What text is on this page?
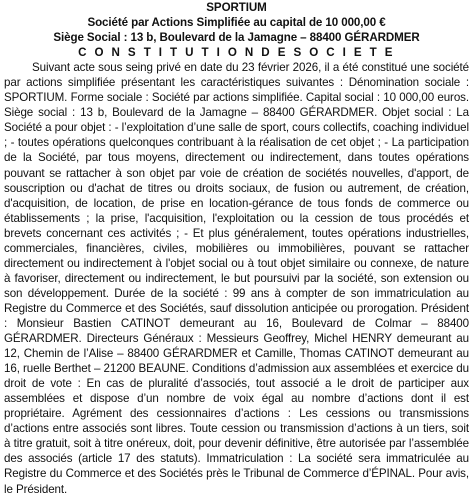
SPORTIUM

Société par Actions Simplifiée au capital de 10 000,00 €

Siège Social : 13 b, Boulevard de la Jamagne – 88400 GÉRARDMER

C O N S T I T U T I O N D E S O C I E T E

Suivant acte sous seing privé en date du 23 février 2026, il a été constitué une société par actions simplifiée présentant les caractéristiques suivantes : Dénomination sociale : SPORTIUM. Forme sociale : Société par actions simplifiée. Capital social : 10 000,00 euros. Siège social : 13 b, Boulevard de la Jamagne – 88400 GÉRARDMER. Objet social : La Société a pour objet : - l’exploitation d’une salle de sport, cours collectifs, coaching individuel ; - toutes opérations quelconques contribuant à la réalisation de cet objet ; - La participation de la Société, par tous moyens, directement ou indirectement, dans toutes opérations pouvant se rattacher à son objet par voie de création de sociétés nouvelles, d'apport, de souscription ou d'achat de titres ou droits sociaux, de fusion ou autrement, de création, d'acquisition, de location, de prise en location-gérance de tous fonds de commerce ou établissements ; la prise, l'acquisition, l'exploitation ou la cession de tous procédés et brevets concernant ces activités ; - Et plus généralement, toutes opérations industrielles, commerciales, financières, civiles, mobilières ou immobilières, pouvant se rattacher directement ou indirectement à l'objet social ou à tout objet similaire ou connexe, de nature à favoriser, directement ou indirectement, le but poursuivi par la société, son extension ou son développement. Durée de la société : 99 ans à compter de son immatriculation au Registre du Commerce et des Sociétés, sauf dissolution anticipée ou prorogation. Président : Monsieur Bastien CATINOT demeurant au 16, Boulevard de Colmar – 88400 GÉRARDMER. Directeurs Généraux : Messieurs Geoffrey, Michel HENRY demeurant au 12, Chemin de l’Alise – 88400 GÉRARDMER et Camille, Thomas CATINOT demeurant au 16, ruelle Berthet – 21200 BEAUNE. Conditions d’admission aux assemblées et exercice du droit de vote : En cas de pluralité d’associés, tout associé a le droit de participer aux assemblées et dispose d’un nombre de voix égal au nombre d’actions dont il est propriétaire. Agrément des cessionnaires d’actions : Les cessions ou transmissions d’actions entre associés sont libres. Toute cession ou transmission d’actions à un tiers, soit à titre gratuit, soit à titre onéreux, doit, pour devenir définitive, être autorisée par l’assemblée des associés (article 17 des statuts). Immatriculation : La société sera immatriculée au Registre du Commerce et des Sociétés près le Tribunal de Commerce d’ÉPINAL. Pour avis, le Président.
